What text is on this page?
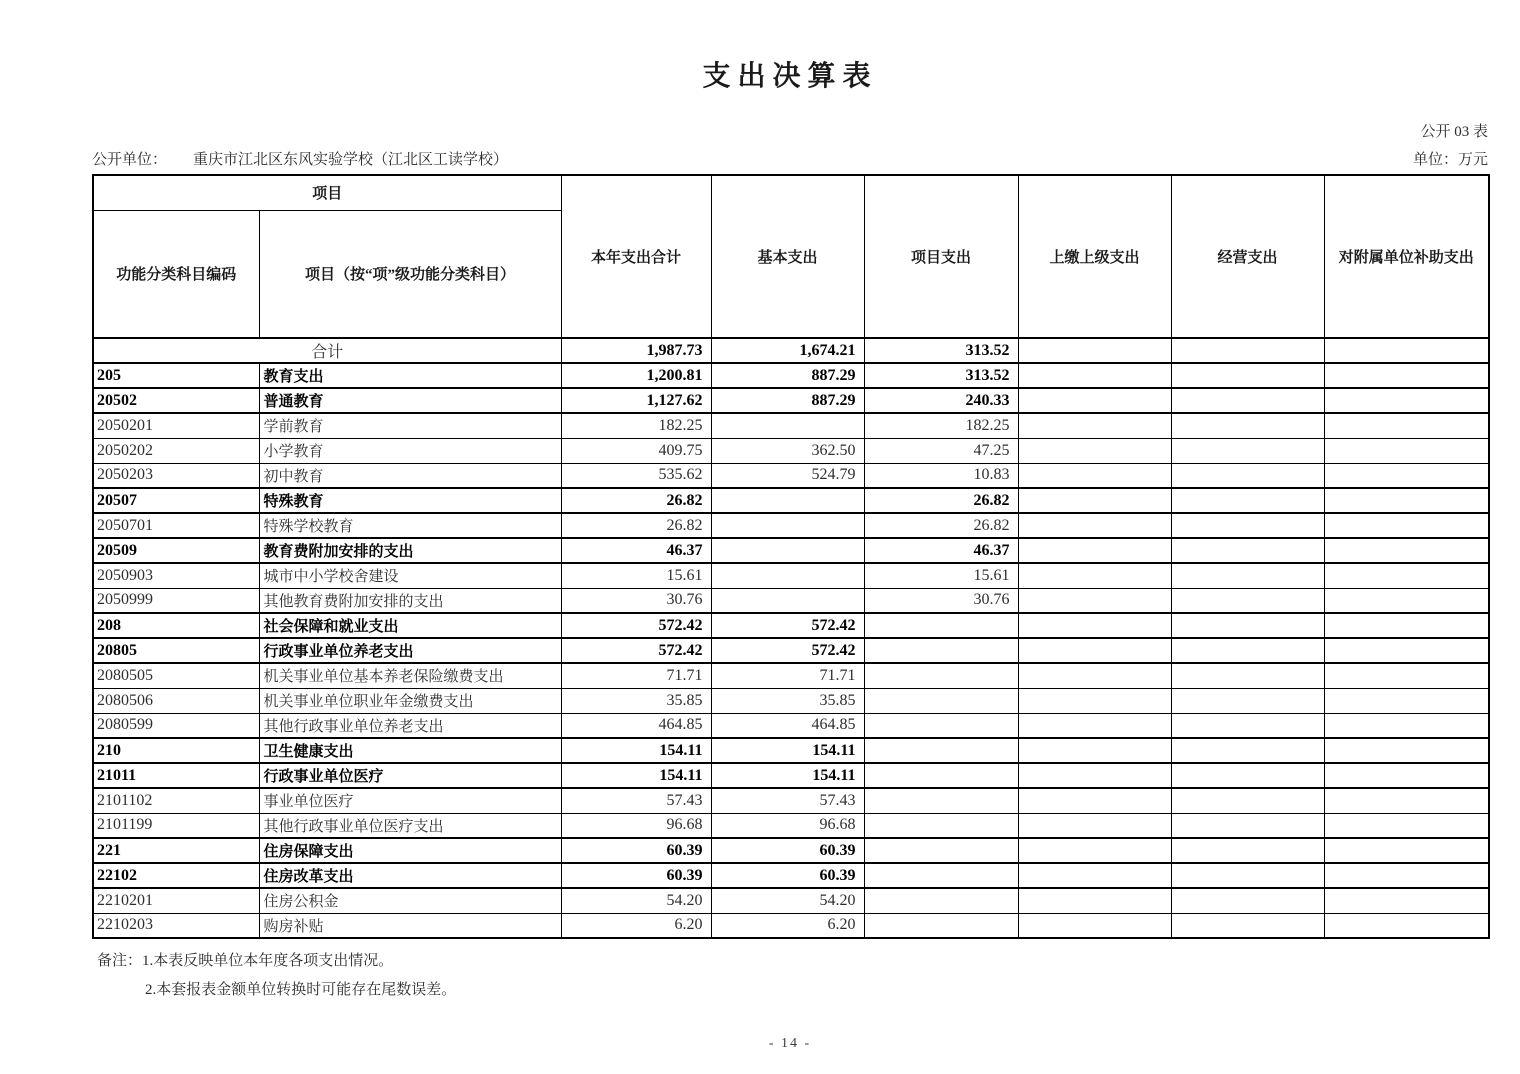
支出决算表
公开 03 表
公开单位： 重庆市江北区东风实验学校（江北区工读学校）	单位：万元
项目		本年支出合计	基本支出	项目支出	上缴上级支出	经营支出	对附属单位补助支出
功能分类科目编码	项目（按“项”级功能分类科目）						
合计		1,987.73	1,674.21	313.52			
205	教育支出	1,200.81	887.29	313.52			
20502	普通教育	1,127.62	887.29	240.33			
2050201	学前教育	182.25		182.25			
2050202	小学教育	409.75	362.50	47.25			
2050203	初中教育	535.62	524.79	10.83			
20507	特殊教育	26.82		26.82			
2050701	特殊学校教育	26.82		26.82			
20509	教育费附加安排的支出	46.37		46.37			
2050903	城市中小学校舍建设	15.61		15.61			
2050999	其他教育费附加安排的支出	30.76		30.76			
208	社会保障和就业支出	572.42	572.42				
20805	行政事业单位养老支出	572.42	572.42				
2080505	机关事业单位基本养老保险缴费支出	71.71	71.71				
2080506	机关事业单位职业年金缴费支出	35.85	35.85				
2080599	其他行政事业单位养老支出	464.85	464.85				
210	卫生健康支出	154.11	154.11				
21011	行政事业单位医疗	154.11	154.11				
2101102	事业单位医疗	57.43	57.43				
2101199	其他行政事业单位医疗支出	96.68	96.68				
221	住房保障支出	60.39	60.39				
22102	住房改革支出	60.39	60.39				
2210201	住房公积金	54.20	54.20				
2210203	购房补贴	6.20	6.20				
备注：1.本表反映单位本年度各项支出情况。
2.本套报表金额单位转换时可能存在尾数误差。
- 14 -
